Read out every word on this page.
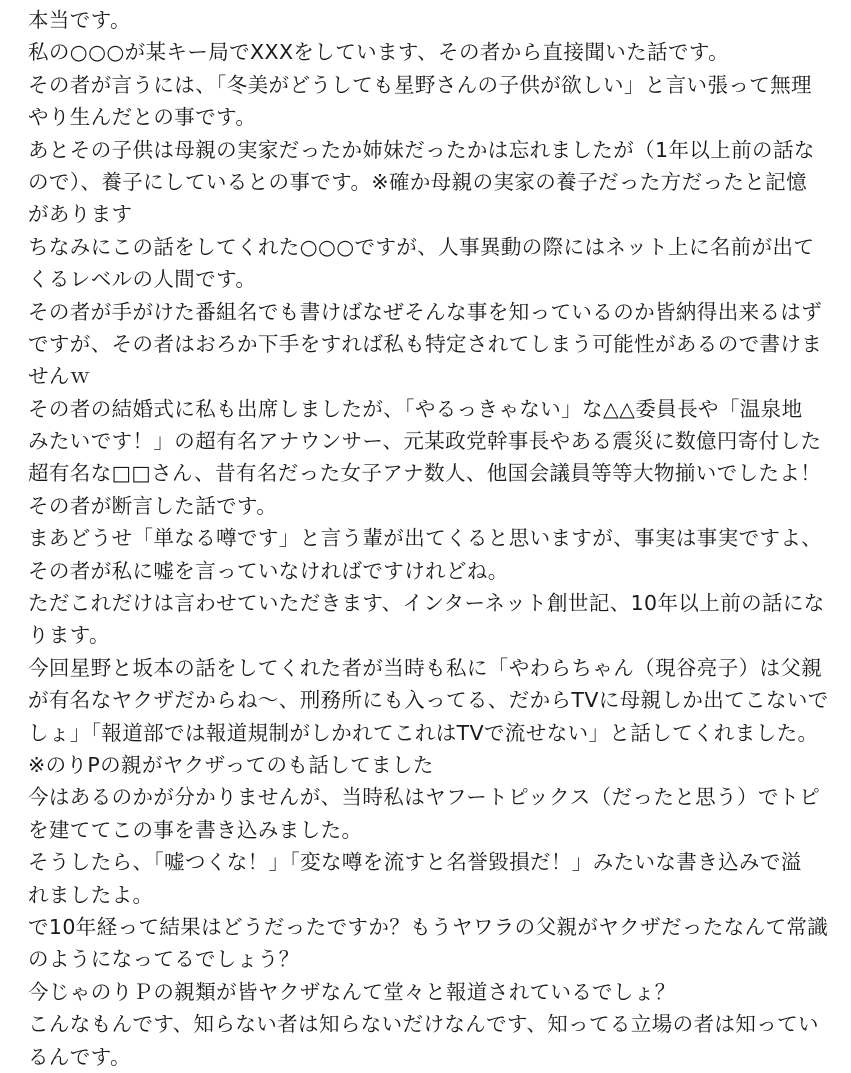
本当です。
私の○○○が某キー局でXXXをしています、その者から直接聞いた話です。
その者が言うには、「冬美がどうしても星野さんの子供が欲しい」と言い張って無理
やり生んだとの事です。
あとその子供は母親の実家だったか姉妹だったかは忘れましたが（1年以上前の話な
ので）、養子にしているとの事です。※確か母親の実家の養子だった方だったと記憶
があります
ちなみにこの話をしてくれた○○○ですが、人事異動の際にはネット上に名前が出て
くるレベルの人間です。
その者が手がけた番組名でも書けばなぜそんな事を知っているのか皆納得出来るはず
ですが、その者はおろか下手をすれば私も特定されてしまう可能性があるので書けま
せんｗ
その者の結婚式に私も出席しましたが、「やるっきゃない」な△△委員長や「温泉地
みたいです！」の超有名アナウンサー、元某政党幹事長やある震災に数億円寄付した
超有名な□□さん、昔有名だった女子アナ数人、他国会議員等等大物揃いでしたよ！
その者が断言した話です。
まあどうせ「単なる噂です」と言う輩が出てくると思いますが、事実は事実ですよ、
その者が私に嘘を言っていなければですけれどね。
ただこれだけは言わせていただきます、インターネット創世記、10年以上前の話にな
ります。
今回星野と坂本の話をしてくれた者が当時も私に「やわらちゃん（現谷亮子）は父親
が有名なヤクザだからね〜、刑務所にも入ってる、だからTVに母親しか出てこないで
しょ」「報道部では報道規制がしかれてこれはTVで流せない」と話してくれました。
※のりPの親がヤクザってのも話してました
今はあるのかが分かりませんが、当時私はヤフートピックス（だったと思う）でトピ
を建ててこの事を書き込みました。
そうしたら、「嘘つくな！」「変な噂を流すと名誉毀損だ！」みたいな書き込みで溢
れましたよ。
で10年経って結果はどうだったですか？もうヤワラの父親がヤクザだったなんて常識
のようになってるでしょう？
今じゃのりＰの親類が皆ヤクザなんて堂々と報道されているでしょ？
こんなもんです、知らない者は知らないだけなんです、知ってる立場の者は知ってい
るんです。
